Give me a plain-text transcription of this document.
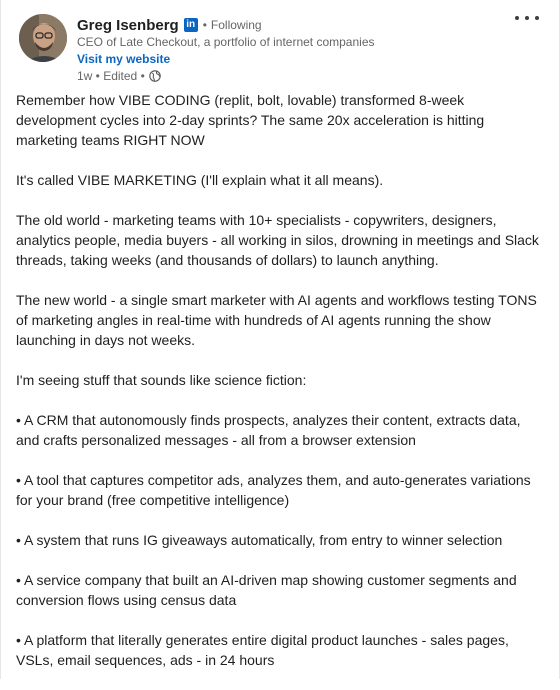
Greg Isenberg in • Following
CEO of Late Checkout, a portfolio of internet companies
Visit my website
1w • Edited •

Remember how VIBE CODING (replit, bolt, lovable) transformed 8-week
development cycles into 2-day sprints? The same 20x acceleration is hitting
marketing teams RIGHT NOW

It's called VIBE MARKETING (I'll explain what it all means).

The old world - marketing teams with 10+ specialists - copywriters, designers,
analytics people, media buyers - all working in silos, drowning in meetings and Slack
threads, taking weeks (and thousands of dollars) to launch anything.

The new world - a single smart marketer with AI agents and workflows testing TONS
of marketing angles in real-time with hundreds of AI agents running the show
launching in days not weeks.

I'm seeing stuff that sounds like science fiction:

• A CRM that autonomously finds prospects, analyzes their content, extracts data,
and crafts personalized messages - all from a browser extension

• A tool that captures competitor ads, analyzes them, and auto-generates variations
for your brand (free competitive intelligence)

• A system that runs IG giveaways automatically, from entry to winner selection

• A service company that built an AI-driven map showing customer segments and
conversion flows using census data

• A platform that literally generates entire digital product launches - sales pages,
VSLs, email sequences, ads - in 24 hours
